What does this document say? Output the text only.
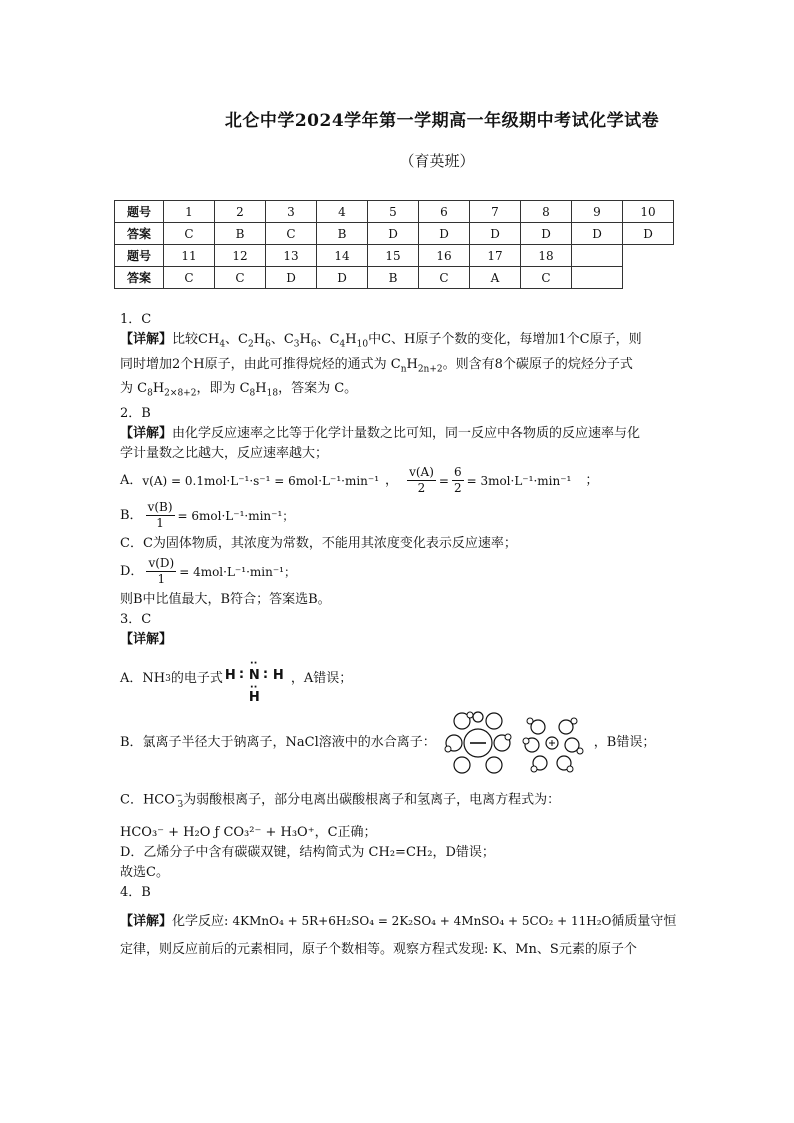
北仑中学2024学年第一学期高一年级期中考试化学试卷
（育英班）
题号	1	2	3	4	5	6	7	8	9	10
答案	C	B	C	B	D	D	D	D	D	D
题号	11	12	13	14	15	16	17	18		
答案	C	C	D	D	B	C	A	C		

1．C

【详解】比较$CH_4$、$C_2H_6$、$C_3H_6$、$C_4H_{10}$中C、H原子个数的变化，每增加1个C原子，则

同时增加2个H原子，由此可推得烷烃的通式为 $C_nH_{2n+2}$。则含有8个碳原子的烷烃分子式

为 $C_8H_{2\times 8+2}$，即为 $C_8H_{18}$，答案为 C。

2．B

【详解】由化学反应速率之比等于化学计量数之比可知，同一反应中各物质的反应速率与化

学计量数之比越大，反应速率越大；

A． v(A) = 0.1mol·L⁻¹·s⁻¹ = 6mol·L⁻¹·min⁻¹ ， $\frac{v(A)}{2} = \frac{6}{2} = 3mol\cdot L^{-1}\cdot\min^{-1}$ ；
B． $\frac{v(B)}{1} = 6mol\cdot L^{-1}\cdot\min^{-1}$；

C．C为固体物质，其浓度为常数，不能用其浓度变化表示反应速率；

D． $\frac{v(D)}{1} = 4mol\cdot L^{-1}\cdot\min^{-1}$；

则B中比值最大，B符合；答案选B。

3．C

【详解】

A．NH 3 的电子式 H : N
··
··
: H
H
，A错误；
B．氯离子半径大于钠离子，NaCl溶液中的水合离子：	，B错误；

C．$HCO^-_3$为弱酸根离子，部分电离出碳酸根离子和氢离子，电离方程式为：

HCO₃⁻ + H₂O ƒ CO₃²⁻ + H₃O⁺，C正确；

D．乙烯分子中含有碳碳双键，结构简式为 CH₂=CH₂，D错误；

故选C。

4．B

【详解】化学反应: 4KMnO₄ + 5R+6H₂SO₄ = 2K₂SO₄ + 4MnSO₄ + 5CO₂ + 11H₂O循质量守恒

定律，则反应前后的元素相同，原子个数相等。观察方程式发现: K、Mn、S元素的原子个
